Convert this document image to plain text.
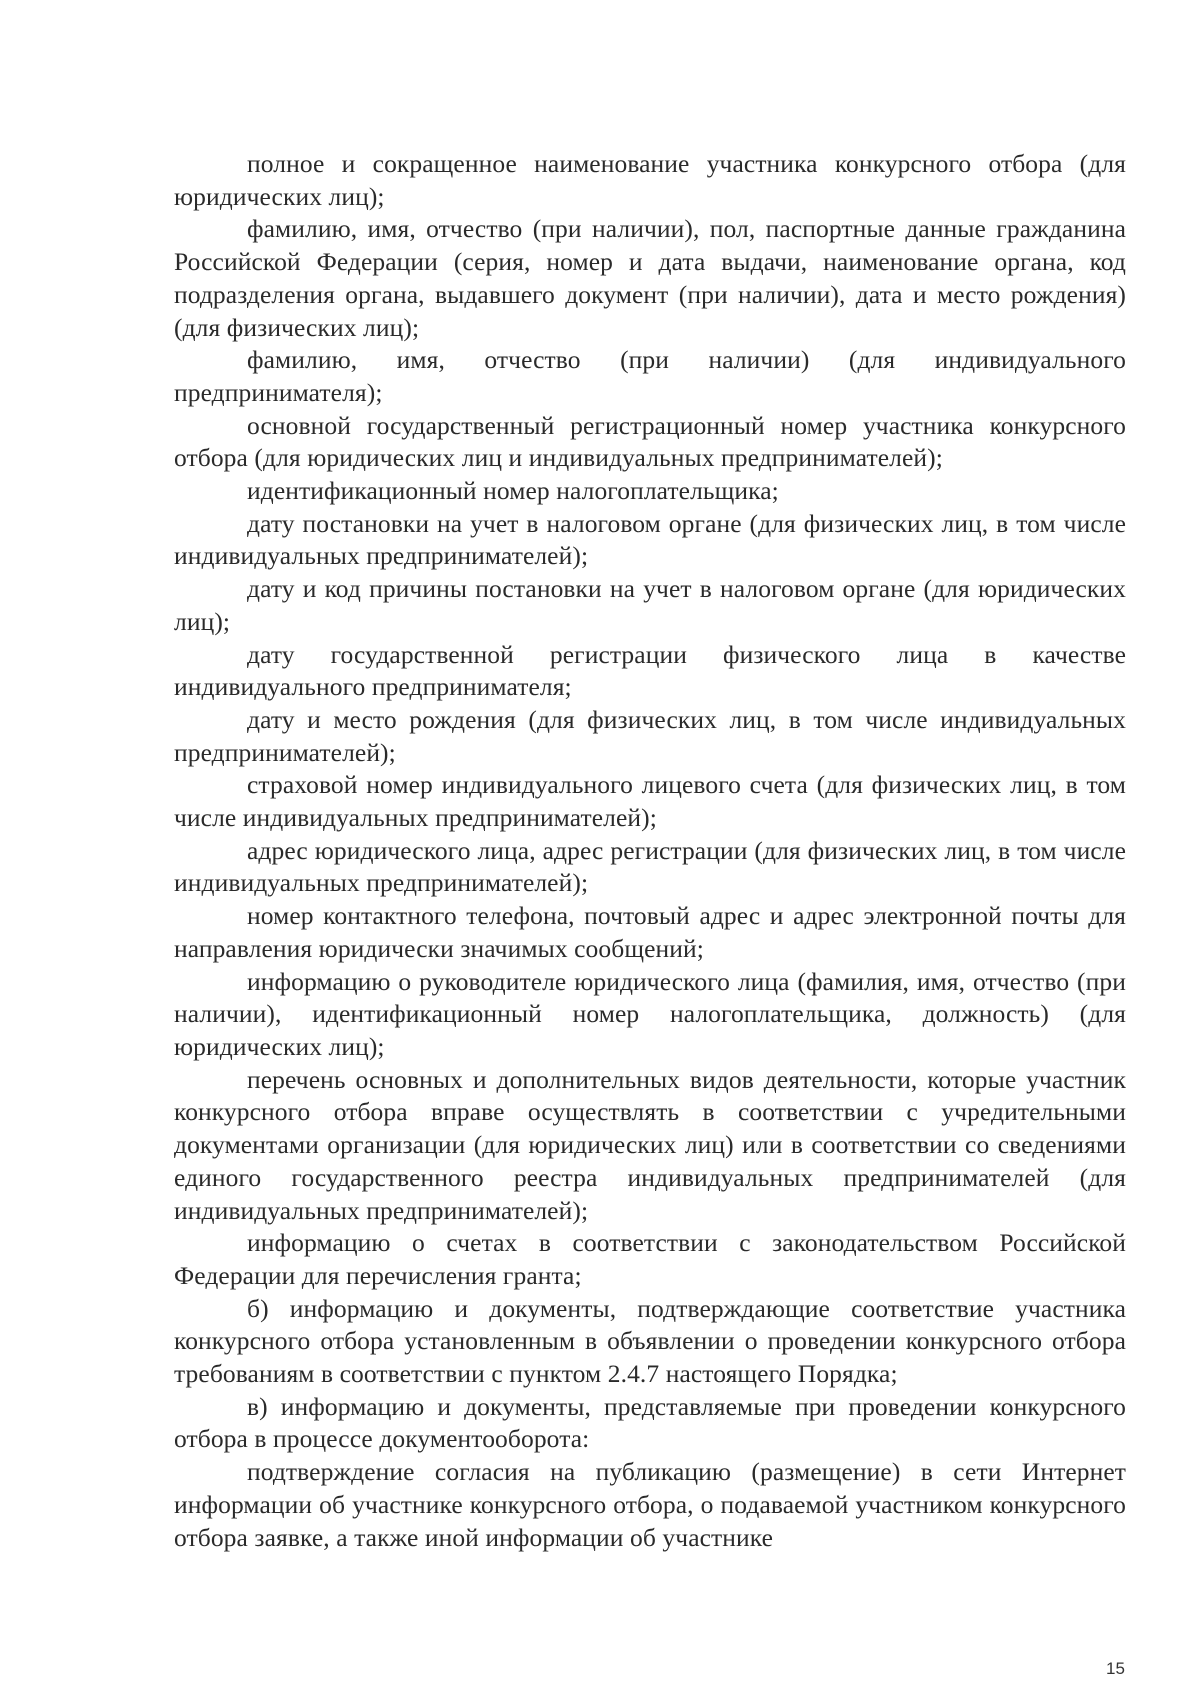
полное и сокращенное наименование участника конкурсного отбора (для юридических лиц);

фамилию, имя, отчество (при наличии), пол, паспортные данные гражданина Российской Федерации (серия, номер и дата выдачи, наименование органа, код подразделения органа, выдавшего документ (при наличии), дата и место рождения) (для физических лиц);

фамилию, имя, отчество (при наличии) (для индивидуального предпринимателя);

основной государственный регистрационный номер участника конкурсного отбора (для юридических лиц и индивидуальных предпринимателей);

идентификационный номер налогоплательщика;

дату постановки на учет в налоговом органе (для физических лиц, в том числе индивидуальных предпринимателей);

дату и код причины постановки на учет в налоговом органе (для юридических лиц);

дату государственной регистрации физического лица в качестве индивидуального предпринимателя;

дату и место рождения (для физических лиц, в том числе индивидуальных предпринимателей);

страховой номер индивидуального лицевого счета (для физических лиц, в том числе индивидуальных предпринимателей);

адрес юридического лица, адрес регистрации (для физических лиц, в том числе индивидуальных предпринимателей);

номер контактного телефона, почтовый адрес и адрес электронной почты для направления юридически значимых сообщений;

информацию о руководителе юридического лица (фамилия, имя, отчество (при наличии), идентификационный номер налогоплательщика, должность) (для юридических лиц);

перечень основных и дополнительных видов деятельности, которые участник конкурсного отбора вправе осуществлять в соответствии с учредительными документами организации (для юридических лиц) или в соответствии со сведениями единого государственного реестра индивидуальных предпринимателей (для индивидуальных предпринимателей);

информацию о счетах в соответствии с законодательством Российской Федерации для перечисления гранта;

б) информацию и документы, подтверждающие соответствие участника конкурсного отбора установленным в объявлении о проведении конкурсного отбора требованиям в соответствии с пунктом 2.4.7 настоящего Порядка;

в) информацию и документы, представляемые при проведении конкурсного отбора в процессе документооборота:

подтверждение согласия на публикацию (размещение) в сети Интернет информации об участнике конкурсного отбора, о подаваемой участником конкурсного отбора заявке, а также иной информации об участнике

15
